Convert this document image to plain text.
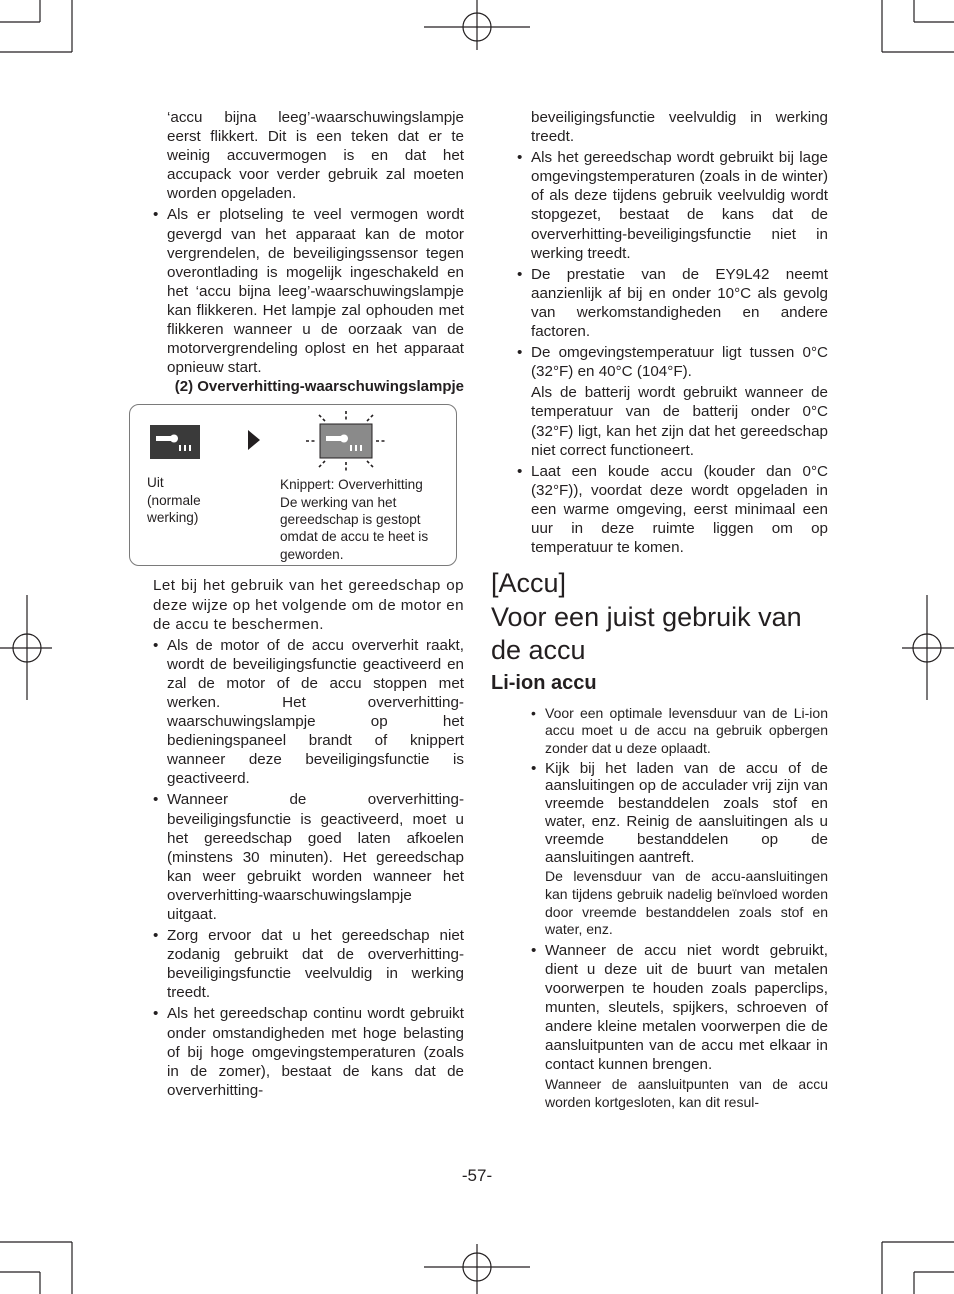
‘accu bijna leeg’-waarschuwingslampje eerst flikkert. Dit is een teken dat er te weinig accuvermogen is en dat het accupack voor verder gebruik zal moeten worden opgeladen.

• Als er plotseling te veel vermogen wordt gevergd van het apparaat kan de motor vergrendelen, de beveiligingssensor tegen overontlading is mogelijk ingeschakeld en het ‘accu bijna leeg’-waarschuwingslampje kan flikkeren. Het lampje zal ophouden met flikkeren wanneer u de oorzaak van de motorvergrendeling oplost en het apparaat opnieuw start.

(2) Oververhitting-waarschuwingslampje

Uit
(normale
werking)
Knippert: Oververhitting
De werking van het
gereedschap is gestopt
omdat de accu te heet is
geworden.

Let bij het gebruik van het gereedschap op deze wijze op het volgende om de motor en de accu te beschermen.

• Als de motor of de accu oververhit raakt, wordt de beveiligingsfunctie geactiveerd en zal de motor of de accu stoppen met werken. Het oververhitting-waarschuwingslampje op het bedieningspaneel brandt of knippert wanneer deze beveiligingsfunctie is geactiveerd.

• Wanneer de oververhitting-beveiligingsfunctie is geactiveerd, moet u het gereedschap goed laten afkoelen (minstens 30 minuten). Het gereedschap kan weer gebruikt worden wanneer het oververhitting-waarschuwingslampje uitgaat.

• Zorg ervoor dat u het gereedschap niet zodanig gebruikt dat de oververhitting-beveiligingsfunctie veelvuldig in werking treedt.

• Als het gereedschap continu wordt gebruikt onder omstandigheden met hoge belasting of bij hoge omgevingstemperaturen (zoals in de zomer), bestaat de kans dat de oververhitting-

beveiligingsfunctie veelvuldig in werking treedt.

• Als het gereedschap wordt gebruikt bij lage omgevingstemperaturen (zoals in de winter) of als deze tijdens gebruik veelvuldig wordt stopgezet, bestaat de kans dat de oververhitting-beveiligingsfunctie niet in werking treedt.

• De prestatie van de EY9L42 neemt aanzienlijk af bij en onder 10°C als gevolg van werkomstandigheden en andere factoren.

• De omgevingstemperatuur ligt tussen 0°C (32°F) en 40°C (104°F).

Als de batterij wordt gebruikt wanneer de temperatuur van de batterij onder 0°C (32°F) ligt, kan het zijn dat het gereedschap niet correct functioneert.

• Laat een koude accu (kouder dan 0°C (32°F)), voordat deze wordt opgeladen in een warme omgeving, eerst minimaal een uur in deze ruimte liggen om op temperatuur te komen.

[Accu]
Voor een juist gebruik van de accu
Li-ion accu

• Voor een optimale levensduur van de Li-ion accu moet u de accu na gebruik opbergen zonder dat u deze oplaadt.

• Kijk bij het laden van de accu of de aansluitingen op de acculader vrij zijn van vreemde bestanddelen zoals stof en water, enz. Reinig de aansluitingen als u vreemde bestanddelen op de aansluitingen aantreft.

De levensduur van de accu-aansluitingen kan tijdens gebruik nadelig beïnvloed worden door vreemde bestanddelen zoals stof en water, enz.

• Wanneer de accu niet wordt gebruikt, dient u deze uit de buurt van metalen voorwerpen te houden zoals paperclips, munten, sleutels, spijkers, schroeven of andere kleine metalen voorwerpen die de aansluitpunten van de accu met elkaar in contact kunnen brengen.

Wanneer de aansluitpunten van de accu worden kortgesloten, kan dit resul-

-57-
